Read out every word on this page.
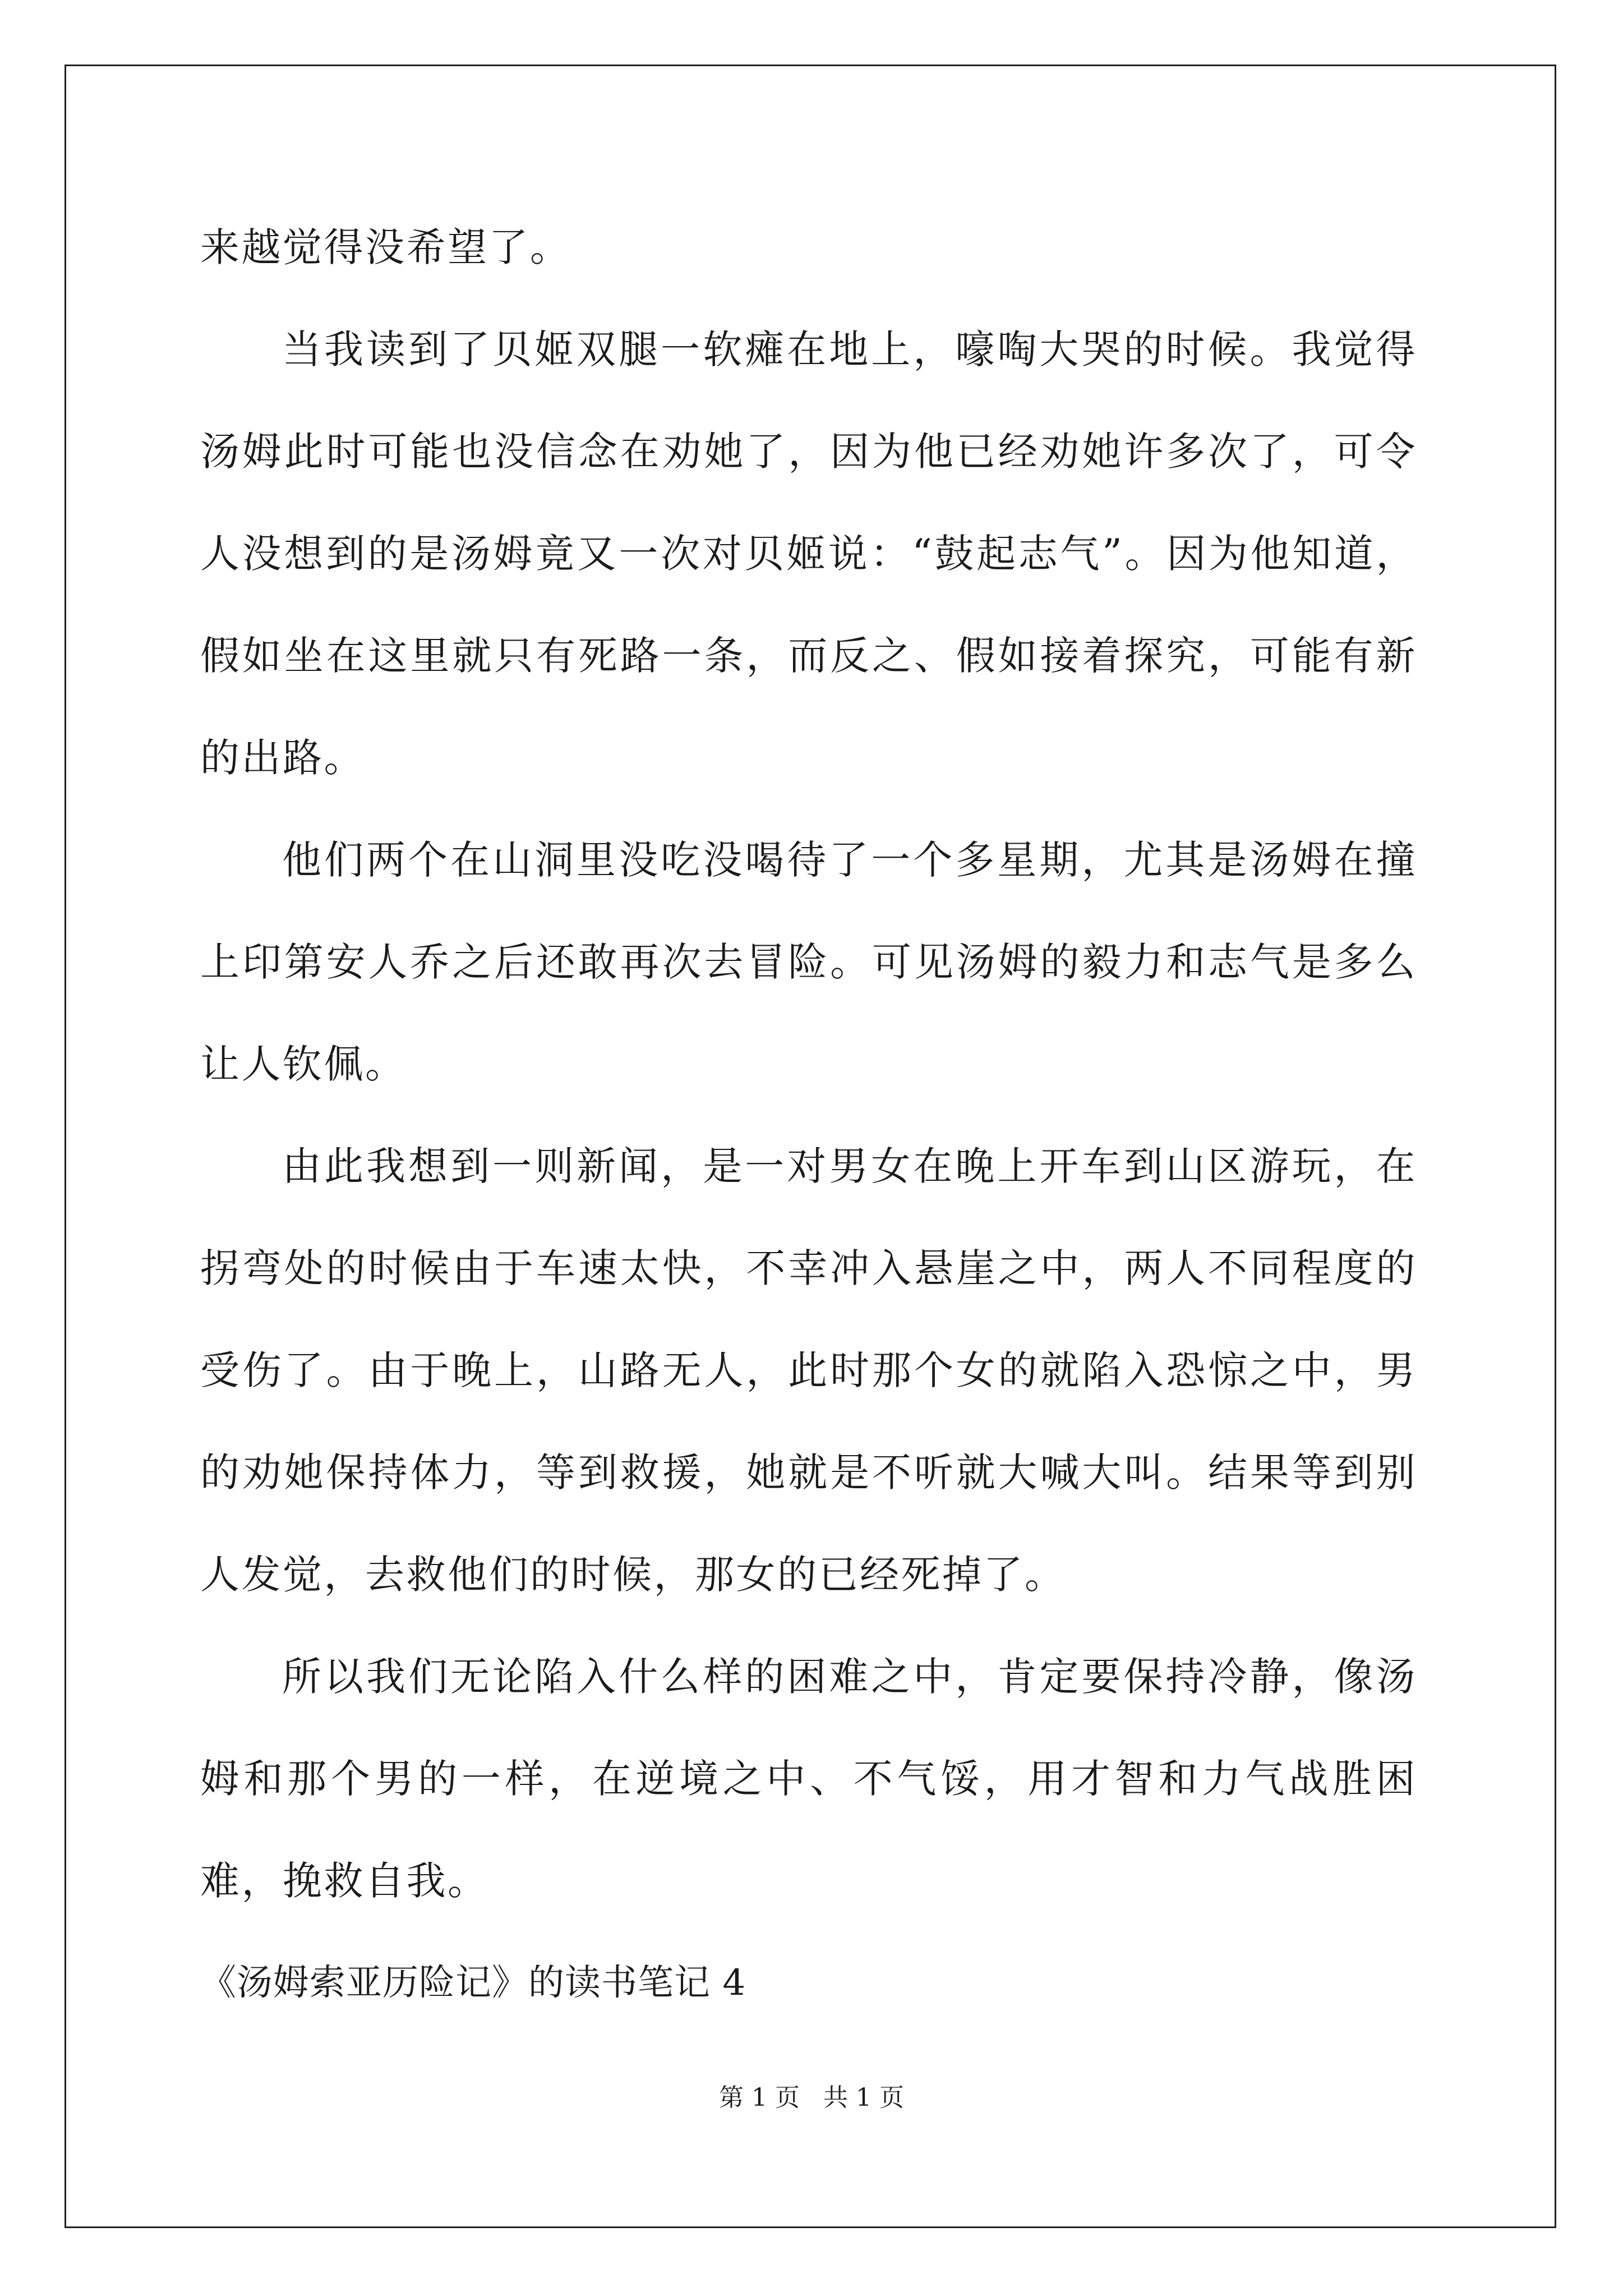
来越觉得没希望了。

当我读到了贝姬双腿一软瘫在地上，嚎啕大哭的时候。我觉得汤姆此时可能也没信念在劝她了，因为他已经劝她许多次了，可令人没想到的是汤姆竟又一次对贝姬说：“鼓起志气”。因为他知道，假如坐在这里就只有死路一条，而反之、假如接着探究，可能有新的出路。

他们两个在山洞里没吃没喝待了一个多星期，尤其是汤姆在撞上印第安人乔之后还敢再次去冒险。可见汤姆的毅力和志气是多么让人钦佩。

由此我想到一则新闻，是一对男女在晚上开车到山区游玩，在拐弯处的时候由于车速太快，不幸冲入悬崖之中，两人不同程度的受伤了。由于晚上，山路无人，此时那个女的就陷入恐惊之中，男的劝她保持体力，等到救援，她就是不听就大喊大叫。结果等到别人发觉，去救他们的时候，那女的已经死掉了。

所以我们无论陷入什么样的困难之中，肯定要保持冷静，像汤姆和那个男的一样，在逆境之中、不气馁，用才智和力气战胜困难，挽救自我。

《汤姆索亚历险记》的读书笔记 4

第 1 页 共 1 页
